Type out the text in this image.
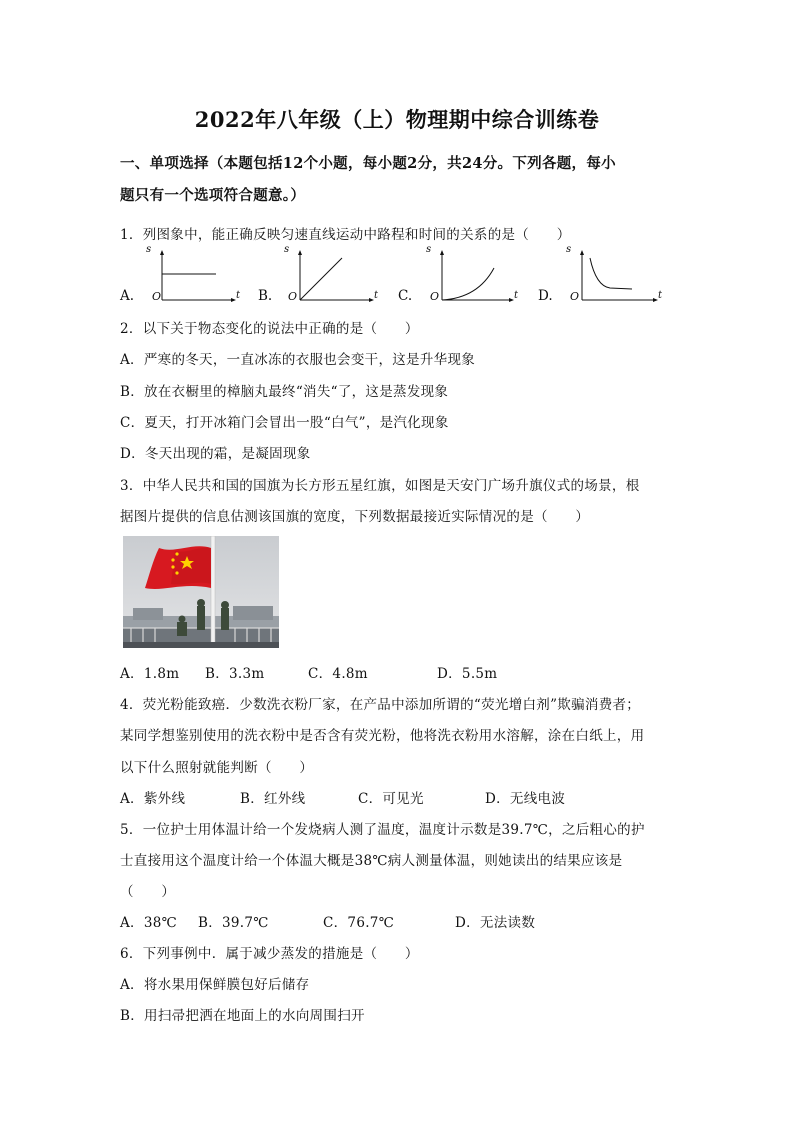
2022年八年级（上）物理期中综合训练卷
一、单项选择（本题包括12个小题，每小题2分，共24分。下列各题，每小
题只有一个选项符合题意。）
1．列图象中，能正确反映匀速直线运动中路程和时间的关系的是（　　）
A.
s
t
O	B.
s
t
O	C.
s
t
O	D.
s
t
O
2．以下关于物态变化的说法中正确的是（　　）
A．严寒的冬天，一直冰冻的衣服也会变干，这是升华现象
B．放在衣橱里的樟脑丸最终“消失“了，这是蒸发现象
C．夏天，打开冰箱门会冒出一股“白气”，是汽化现象
D．冬天出现的霜，是凝固现象
3．中华人民共和国的国旗为长方形五星红旗，如图是天安门广场升旗仪式的场景，根
据图片提供的信息估测该国旗的宽度，下列数据最接近实际情况的是（　　）
A．1.8m B．3.3m	C．4.8m	D．5.5m
4．荧光粉能致癌．少数洗衣粉厂家，在产品中添加所谓的“荧光增白剂”欺骗消费者；
某同学想鉴别使用的洗衣粉中是否含有荧光粉，他将洗衣粉用水溶解，涂在白纸上，用
以下什么照射就能判断（　　）
A．紫外线	B．红外线	C．可见光	D．无线电波
5．一位护士用体温计给一个发烧病人测了温度，温度计示数是39.7℃，之后粗心的护
士直接用这个温度计给一个体温大概是38℃病人测量体温，则她读出的结果应该是
（　　）
A．38℃ B．39.7℃	C．76.7℃	D．无法读数
6．下列事例中．属于减少蒸发的措施是（　　）
A．将水果用保鲜膜包好后储存
B．用扫帚把洒在地面上的水向周围扫开
